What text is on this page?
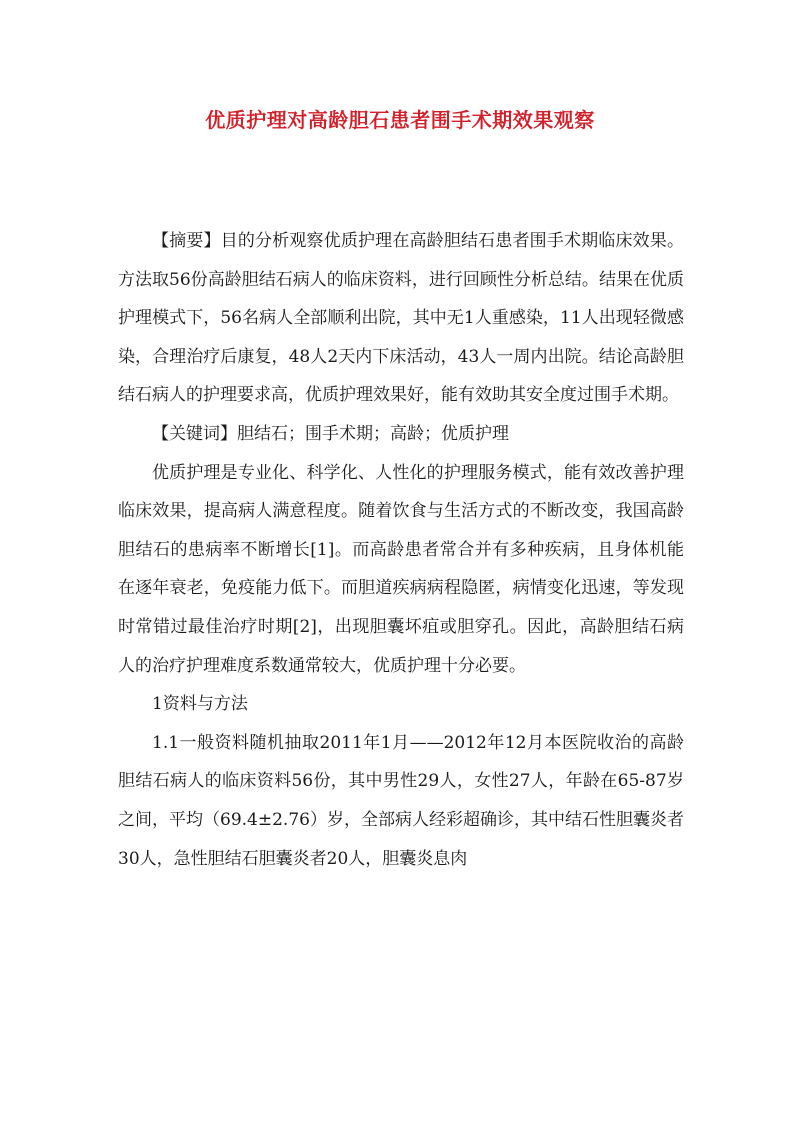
优质护理对高龄胆石患者围手术期效果观察

【摘要】目的分析观察优质护理在高龄胆结石患者围手术期临床效果。方法取56份高龄胆结石病人的临床资料，进行回顾性分析总结。结果在优质护理模式下，56名病人全部顺利出院，其中无1人重感染，11人出现轻微感染，合理治疗后康复，48人2天内下床活动，43人一周内出院。结论高龄胆结石病人的护理要求高，优质护理效果好，能有效助其安全度过围手术期。

【关键词】胆结石；围手术期；高龄；优质护理

优质护理是专业化、科学化、人性化的护理服务模式，能有效改善护理临床效果，提高病人满意程度。随着饮食与生活方式的不断改变，我国高龄胆结石的患病率不断增长[1]。而高龄患者常合并有多种疾病，且身体机能在逐年衰老，免疫能力低下。而胆道疾病病程隐匿，病情变化迅速，等发现时常错过最佳治疗时期[2]，出现胆囊坏疽或胆穿孔。因此，高龄胆结石病人的治疗护理难度系数通常较大，优质护理十分必要。

1资料与方法

1.1一般资料随机抽取2011年1月——2012年12月本医院收治的高龄胆结石病人的临床资料56份，其中男性29人，女性27人，年龄在65-87岁之间，平均（69.4±2.76）岁，全部病人经彩超确诊，其中结石性胆囊炎者30人，急性胆结石胆囊炎者20人，胆囊炎息肉
